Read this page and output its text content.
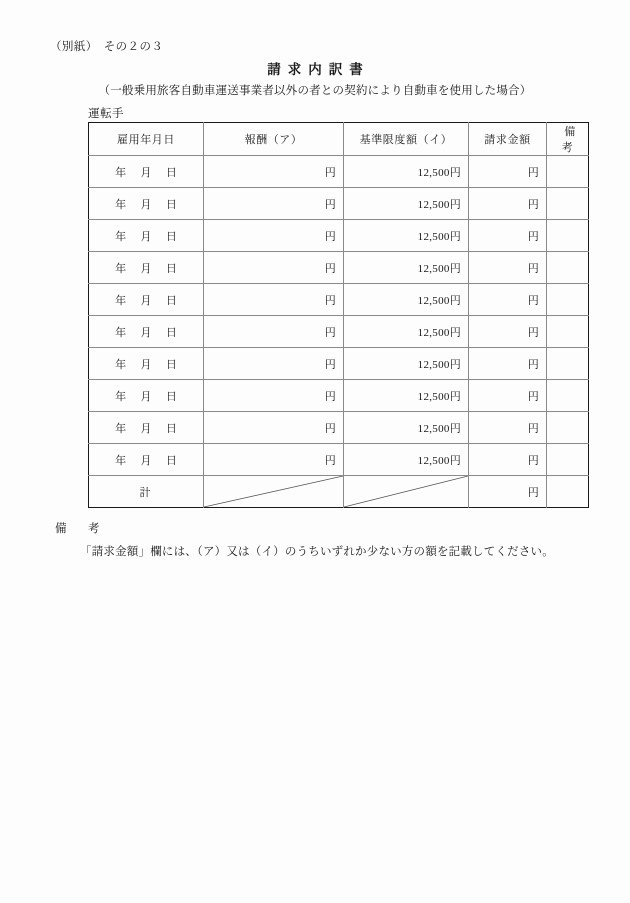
（別紙）　その２の３
請求内訳書
（一般乗用旅客自動車運送事業者以外の者との契約により自動車を使用した場合）
運転手
雇用年月日	報酬（ア）	基準限度額（イ）	請求金額	備　考

年 月 日	円	12,500円	円	

年 月 日	円	12,500円	円	

年 月 日	円	12,500円	円	

年 月 日	円	12,500円	円	

年 月 日	円	12,500円	円	

年 月 日	円	12,500円	円	

年 月 日	円	12,500円	円	

年 月 日	円	12,500円	円	

年 月 日	円	12,500円	円	

年 月 日	円	12,500円	円	
計			円	
備　考
「請求金額」欄には、（ア）又は（イ）のうちいずれか少ない方の額を記載してください。
